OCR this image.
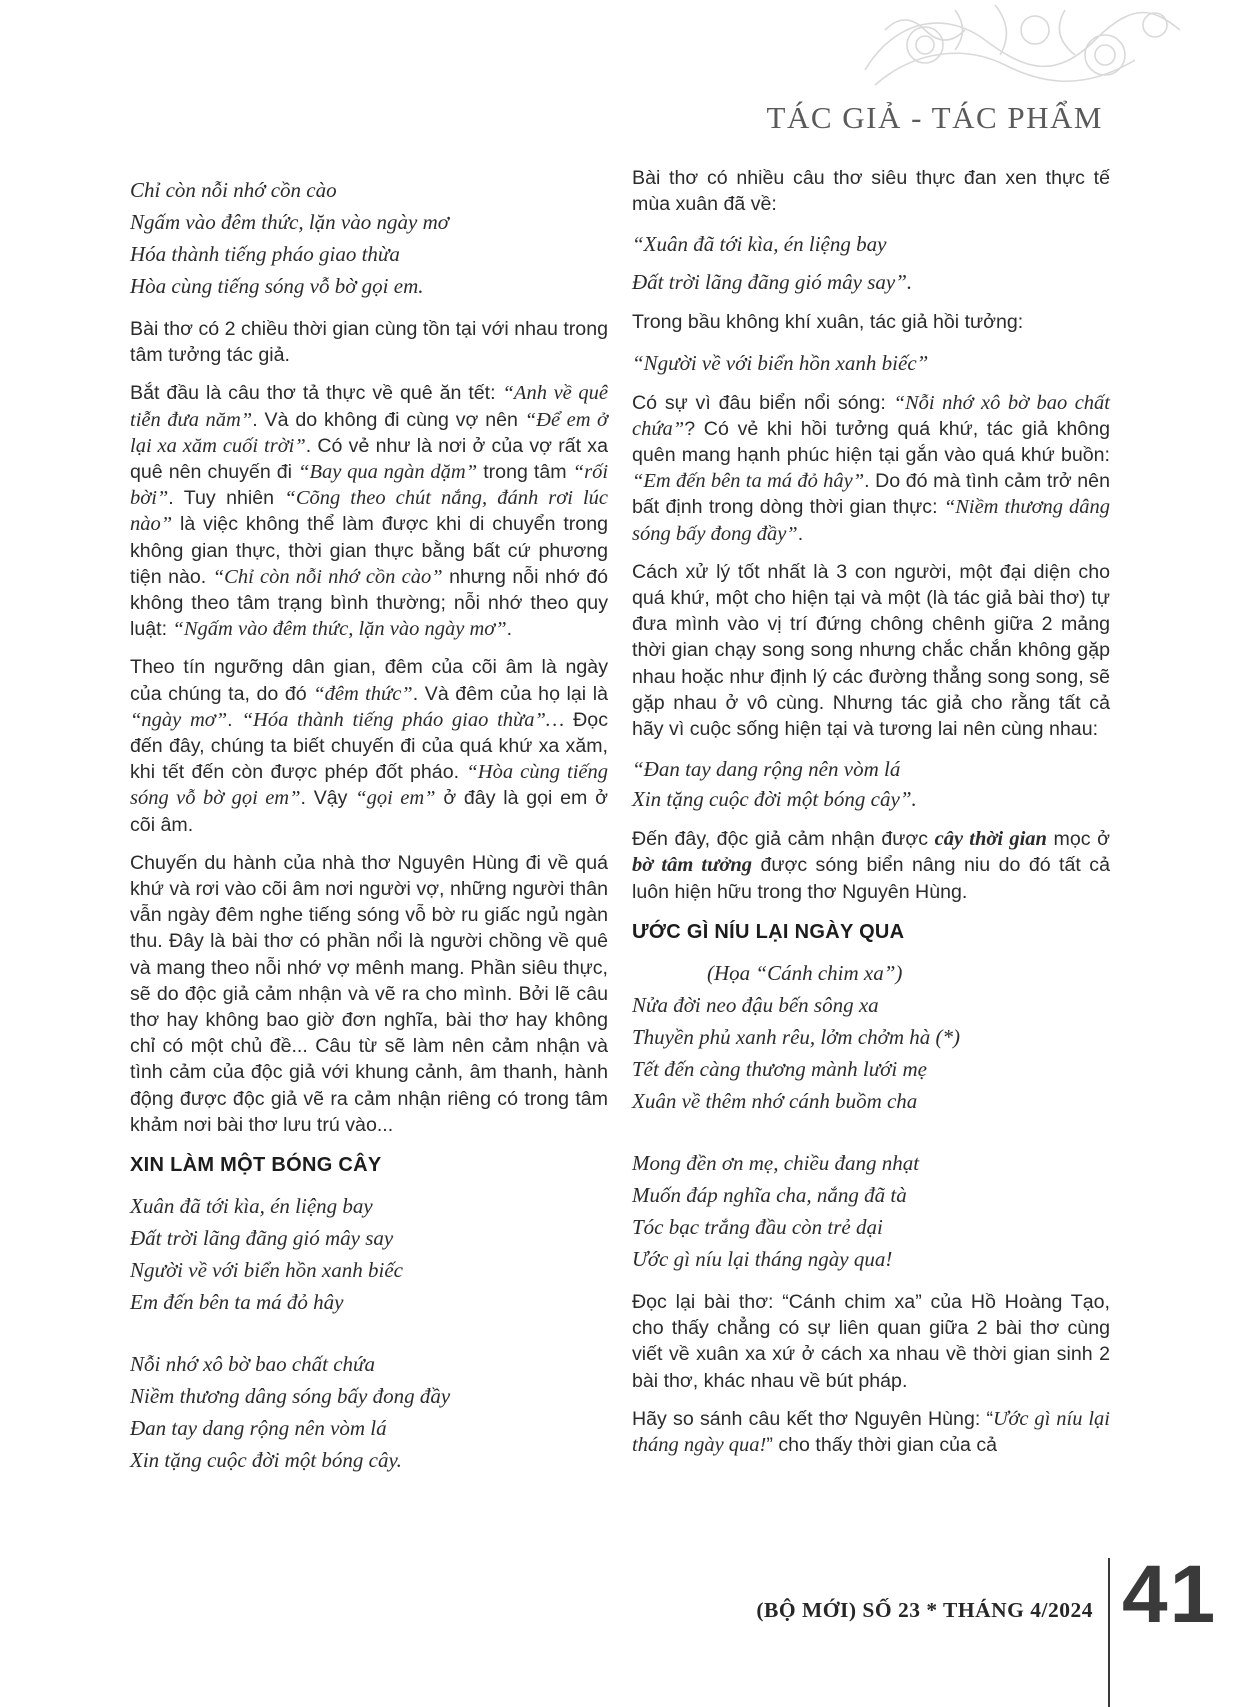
TÁC GIẢ - TÁC PHẨM
Chỉ còn nỗi nhớ cồn cào
Ngấm vào đêm thức, lặn vào ngày mơ
Hóa thành tiếng pháo giao thừa
Hòa cùng tiếng sóng vỗ bờ gọi em.

Bài thơ có 2 chiều thời gian cùng tồn tại với nhau trong tâm tưởng tác giả.

Bắt đầu là câu thơ tả thực về quê ăn tết: “Anh về quê tiễn đưa năm”. Và do không đi cùng vợ nên “Để em ở lại xa xăm cuối trời”. Có vẻ như là nơi ở của vợ rất xa quê nên chuyến đi “Bay qua ngàn dặm” trong tâm “rối bời”. Tuy nhiên “Cõng theo chút nắng, đánh rơi lúc nào” là việc không thể làm được khi di chuyển trong không gian thực, thời gian thực bằng bất cứ phương tiện nào. “Chỉ còn nỗi nhớ cồn cào” nhưng nỗi nhớ đó không theo tâm trạng bình thường; nỗi nhớ theo quy luật: “Ngấm vào đêm thức, lặn vào ngày mơ”.

Theo tín ngưỡng dân gian, đêm của cõi âm là ngày của chúng ta, do đó “đêm thức”. Và đêm của họ lại là “ngày mơ”. “Hóa thành tiếng pháo giao thừa”… Đọc đến đây, chúng ta biết chuyến đi của quá khứ xa xăm, khi tết đến còn được phép đốt pháo. “Hòa cùng tiếng sóng vỗ bờ gọi em”. Vậy “gọi em” ở đây là gọi em ở cõi âm.

Chuyến du hành của nhà thơ Nguyên Hùng đi về quá khứ và rơi vào cõi âm nơi người vợ, những người thân vẫn ngày đêm nghe tiếng sóng vỗ bờ ru giấc ngủ ngàn thu. Đây là bài thơ có phần nổi là người chồng về quê và mang theo nỗi nhớ vợ mênh mang. Phần siêu thực, sẽ do độc giả cảm nhận và vẽ ra cho mình. Bởi lẽ câu thơ hay không bao giờ đơn nghĩa, bài thơ hay không chỉ có một chủ đề... Câu từ sẽ làm nên cảm nhận và tình cảm của độc giả với khung cảnh, âm thanh, hành động được độc giả vẽ ra cảm nhận riêng có trong tâm khảm nơi bài thơ lưu trú vào...

XIN LÀM MỘT BÓNG CÂY
Xuân đã tới kìa, én liệng bay
Đất trời lãng đãng gió mây say
Người về với biển hồn xanh biếc
Em đến bên ta má đỏ hây
Nỗi nhớ xô bờ bao chất chứa
Niềm thương dâng sóng bấy đong đầy
Đan tay dang rộng nên vòm lá
Xin tặng cuộc đời một bóng cây.

Bài thơ có nhiều câu thơ siêu thực đan xen thực tế mùa xuân đã về:

“Xuân đã tới kìa, én liệng bay
Đất trời lãng đãng gió mây say”.

Trong bầu không khí xuân, tác giả hồi tưởng:

“Người về với biển hồn xanh biếc”

Có sự vì đâu biển nổi sóng: “Nỗi nhớ xô bờ bao chất chứa”? Có vẻ khi hồi tưởng quá khứ, tác giả không quên mang hạnh phúc hiện tại gắn vào quá khứ buồn: “Em đến bên ta má đỏ hây”. Do đó mà tình cảm trở nên bất định trong dòng thời gian thực: “Niềm thương dâng sóng bấy đong đầy”.

Cách xử lý tốt nhất là 3 con người, một đại diện cho quá khứ, một cho hiện tại và một (là tác giả bài thơ) tự đưa mình vào vị trí đứng chông chênh giữa 2 mảng thời gian chạy song song nhưng chắc chắn không gặp nhau hoặc như định lý các đường thẳng song song, sẽ gặp nhau ở vô cùng. Nhưng tác giả cho rằng tất cả hãy vì cuộc sống hiện tại và tương lai nên cùng nhau:

“Đan tay dang rộng nên vòm lá
Xin tặng cuộc đời một bóng cây”.

Đến đây, độc giả cảm nhận được cây thời gian mọc ở bờ tâm tưởng được sóng biển nâng niu do đó tất cả luôn hiện hữu trong thơ Nguyên Hùng.

ƯỚC GÌ NÍU LẠI NGÀY QUA
(Họa “Cánh chim xa”)
Nửa đời neo đậu bến sông xa
Thuyền phủ xanh rêu, lởm chởm hà (*)
Tết đến càng thương mành lưới mẹ
Xuân về thêm nhớ cánh buồm cha
Mong đền ơn mẹ, chiều đang nhạt
Muốn đáp nghĩa cha, nắng đã tà
Tóc bạc trắng đầu còn trẻ dại
Ước gì níu lại tháng ngày qua!

Đọc lại bài thơ: “Cánh chim xa” của Hồ Hoàng Tạo, cho thấy chẳng có sự liên quan giữa 2 bài thơ cùng viết về xuân xa xứ ở cách xa nhau về thời gian sinh 2 bài thơ, khác nhau về bút pháp.

Hãy so sánh câu kết thơ Nguyên Hùng: “Ước gì níu lại tháng ngày qua!” cho thấy thời gian của cả

(BỘ MỚI) SỐ 23 * THÁNG 4/2024 41
